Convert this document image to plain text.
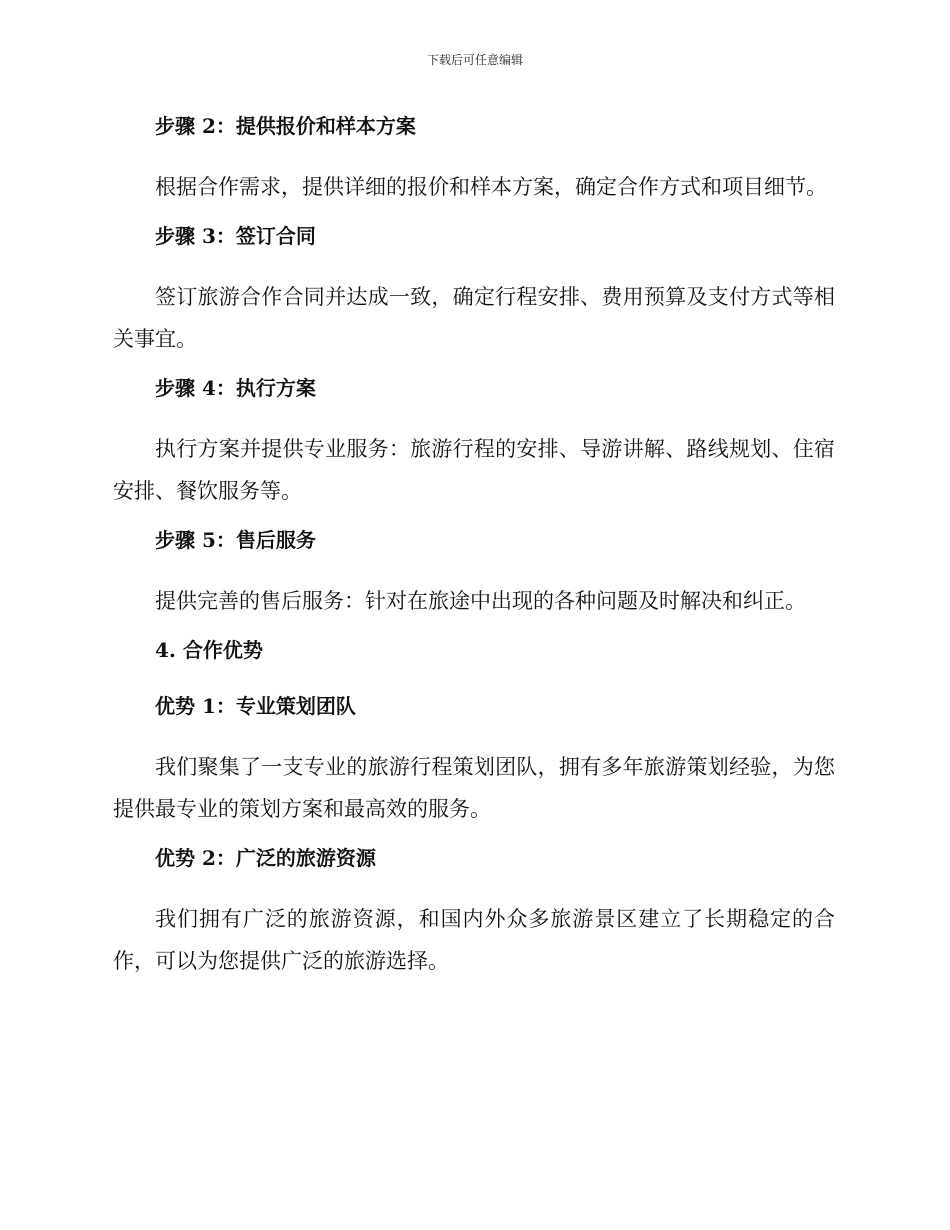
下载后可任意编辑
步骤 2：提供报价和样本方案

根据合作需求，提供详细的报价和样本方案，确定合作方式和项目细节。

步骤 3：签订合同

签订旅游合作合同并达成一致，确定行程安排、费用预算及支付方式等相关事宜。

步骤 4：执行方案

执行方案并提供专业服务：旅游行程的安排、导游讲解、路线规划、住宿安排、餐饮服务等。

步骤 5：售后服务

提供完善的售后服务：针对在旅途中出现的各种问题及时解决和纠正。

4. 合作优势
优势 1：专业策划团队

我们聚集了一支专业的旅游行程策划团队，拥有多年旅游策划经验，为您提供最专业的策划方案和最高效的服务。

优势 2：广泛的旅游资源

我们拥有广泛的旅游资源，和国内外众多旅游景区建立了长期稳定的合作，可以为您提供广泛的旅游选择。
